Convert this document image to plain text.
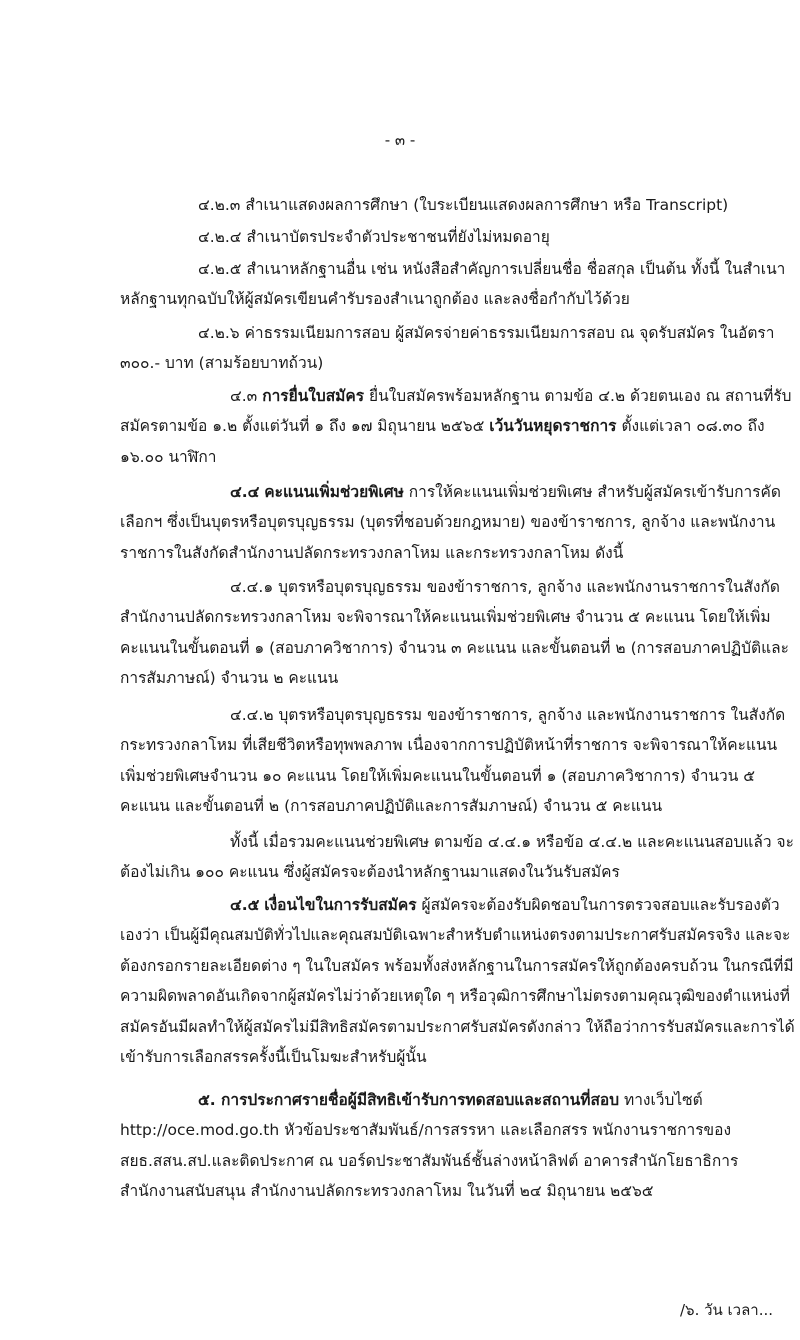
- ๓ -

๔.๒.๓ สำเนาแสดงผลการศึกษา (ใบระเบียนแสดงผลการศึกษา หรือ Transcript)

๔.๒.๔ สำเนาบัตรประจำตัวประชาชนที่ยังไม่หมดอายุ

๔.๒.๕ สำเนาหลักฐานอื่น เช่น หนังสือสำคัญการเปลี่ยนชื่อ ชื่อสกุล เป็นต้น ทั้งนี้ ในสำเนาหลักฐานทุกฉบับให้ผู้สมัครเขียนคำรับรองสำเนาถูกต้อง และลงชื่อกำกับไว้ด้วย

๔.๒.๖ ค่าธรรมเนียมการสอบ ผู้สมัครจ่ายค่าธรรมเนียมการสอบ ณ จุดรับสมัคร ในอัตรา ๓๐๐.- บาท (สามร้อยบาทถ้วน)

๔.๓ การยื่นใบสมัคร ยื่นใบสมัครพร้อมหลักฐาน ตามข้อ ๔.๒ ด้วยตนเอง ณ สถานที่รับสมัครตามข้อ ๑.๒ ตั้งแต่วันที่ ๑ ถึง ๑๗ มิถุนายน ๒๕๖๕ เว้นวันหยุดราชการ ตั้งแต่เวลา ๐๘.๓๐ ถึง ๑๖.๐๐ นาฬิกา

๔.๔ คะแนนเพิ่มช่วยพิเศษ การให้คะแนนเพิ่มช่วยพิเศษ สำหรับผู้สมัครเข้ารับการคัดเลือกฯ ซึ่งเป็นบุตรหรือบุตรบุญธรรม (บุตรที่ชอบด้วยกฎหมาย) ของข้าราชการ, ลูกจ้าง และพนักงานราชการในสังกัดสำนักงานปลัดกระทรวงกลาโหม และกระทรวงกลาโหม ดังนี้

๔.๔.๑ บุตรหรือบุตรบุญธรรม ของข้าราชการ, ลูกจ้าง และพนักงานราชการในสังกัดสำนักงานปลัดกระทรวงกลาโหม จะพิจารณาให้คะแนนเพิ่มช่วยพิเศษ จำนวน ๕ คะแนน โดยให้เพิ่มคะแนนในขั้นตอนที่ ๑ (สอบภาควิชาการ) จำนวน ๓ คะแนน และขั้นตอนที่ ๒ (การสอบภาคปฏิบัติและการสัมภาษณ์) จำนวน ๒ คะแนน

๔.๔.๒ บุตรหรือบุตรบุญธรรม ของข้าราชการ, ลูกจ้าง และพนักงานราชการ ในสังกัดกระทรวงกลาโหม ที่เสียชีวิตหรือทุพพลภาพ เนื่องจากการปฏิบัติหน้าที่ราชการ จะพิจารณาให้คะแนนเพิ่มช่วยพิเศษจำนวน ๑๐ คะแนน โดยให้เพิ่มคะแนนในขั้นตอนที่ ๑ (สอบภาควิชาการ) จำนวน ๕ คะแนน และขั้นตอนที่ ๒ (การสอบภาคปฏิบัติและการสัมภาษณ์) จำนวน ๕ คะแนน

ทั้งนี้ เมื่อรวมคะแนนช่วยพิเศษ ตามข้อ ๔.๔.๑ หรือข้อ ๔.๔.๒ และคะแนนสอบแล้ว จะต้องไม่เกิน ๑๐๐ คะแนน ซึ่งผู้สมัครจะต้องนำหลักฐานมาแสดงในวันรับสมัคร

๔.๕ เงื่อนไขในการรับสมัคร ผู้สมัครจะต้องรับผิดชอบในการตรวจสอบและรับรองตัวเองว่า เป็นผู้มีคุณสมบัติทั่วไปและคุณสมบัติเฉพาะสำหรับตำแหน่งตรงตามประกาศรับสมัครจริง และจะต้องกรอกรายละเอียดต่าง ๆ ในใบสมัคร พร้อมทั้งส่งหลักฐานในการสมัครให้ถูกต้องครบถ้วน ในกรณีที่มีความผิดพลาดอันเกิดจากผู้สมัครไม่ว่าด้วยเหตุใด ๆ หรือวุฒิการศึกษาไม่ตรงตามคุณวุฒิของตำแหน่งที่สมัครอันมีผลทำให้ผู้สมัครไม่มีสิทธิสมัครตามประกาศรับสมัครดังกล่าว ให้ถือว่าการรับสมัครและการได้เข้ารับการเลือกสรรครั้งนี้เป็นโมฆะสำหรับผู้นั้น

๕. การประกาศรายชื่อผู้มีสิทธิเข้ารับการทดสอบและสถานที่สอบ ทางเว็บไซต์ http://oce.mod.go.th หัวข้อประชาสัมพันธ์/การสรรหา และเลือกสรร พนักงานราชการของ สยธ.สสน.สป.และติดประกาศ ณ บอร์ดประชาสัมพันธ์ชั้นล่างหน้าลิฟต์ อาคารสำนักโยธาธิการ สำนักงานสนับสนุน สำนักงานปลัดกระทรวงกลาโหม ในวันที่ ๒๔ มิถุนายน ๒๕๖๕

/๖. วัน เวลา...
